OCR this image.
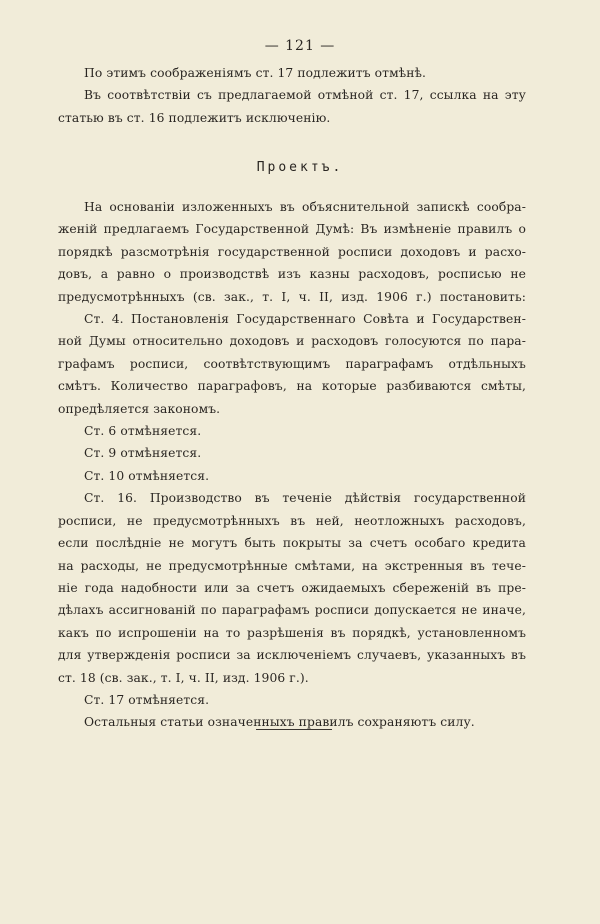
— 121 —
По этимъ соображеніямъ ст. 17 подлежитъ отмѣнѣ.
Въ соотвѣтствіи съ предлагаемой отмѣной ст. 17, ссылка на эту
статью въ ст. 16 подлежитъ исключенію.
Проектъ.
На основаніи изложенныхъ въ объяснительной запискѣ сообра-
женій предлагаемъ Государственной Думѣ: Въ измѣненіе правилъ о
порядкѣ разсмотрѣнія государственной росписи доходовъ и расхо-
довъ, а равно о производствѣ изъ казны расходовъ, росписью не
предусмотрѣнныхъ (св. зак., т. I, ч. II, изд. 1906 г.) постановить:
Ст. 4. Постановленія Государственнаго Совѣта и Государствен-
ной Думы относительно доходовъ и расходовъ голосуются по пара-
графамъ росписи, соотвѣтствующимъ параграфамъ отдѣльныхъ
смѣтъ. Количество параграфовъ, на которые разбиваются смѣты,
опредѣляется закономъ.
Ст. 6 отмѣняется.
Ст. 9 отмѣняется.
Ст. 10 отмѣняется.
Ст. 16. Производство въ теченіе дѣйствія государственной
росписи, не предусмотрѣнныхъ въ ней, неотложныхъ расходовъ,
если послѣдніе не могутъ быть покрыты за счетъ особаго кредита
на расходы, не предусмотрѣнные смѣтами, на экстренныя въ тече-
ніе года надобности или за счетъ ожидаемыхъ сбереженій въ пре-
дѣлахъ ассигнованій по параграфамъ росписи допускается не иначе,
какъ по испрошеніи на то разрѣшенія въ порядкѣ, установленномъ
для утвержденія росписи за исключеніемъ случаевъ, указанныхъ въ
ст. 18 (св. зак., т. I, ч. II, изд. 1906 г.).
Ст. 17 отмѣняется.
Остальныя статьи означенныхъ правилъ сохраняютъ силу.
